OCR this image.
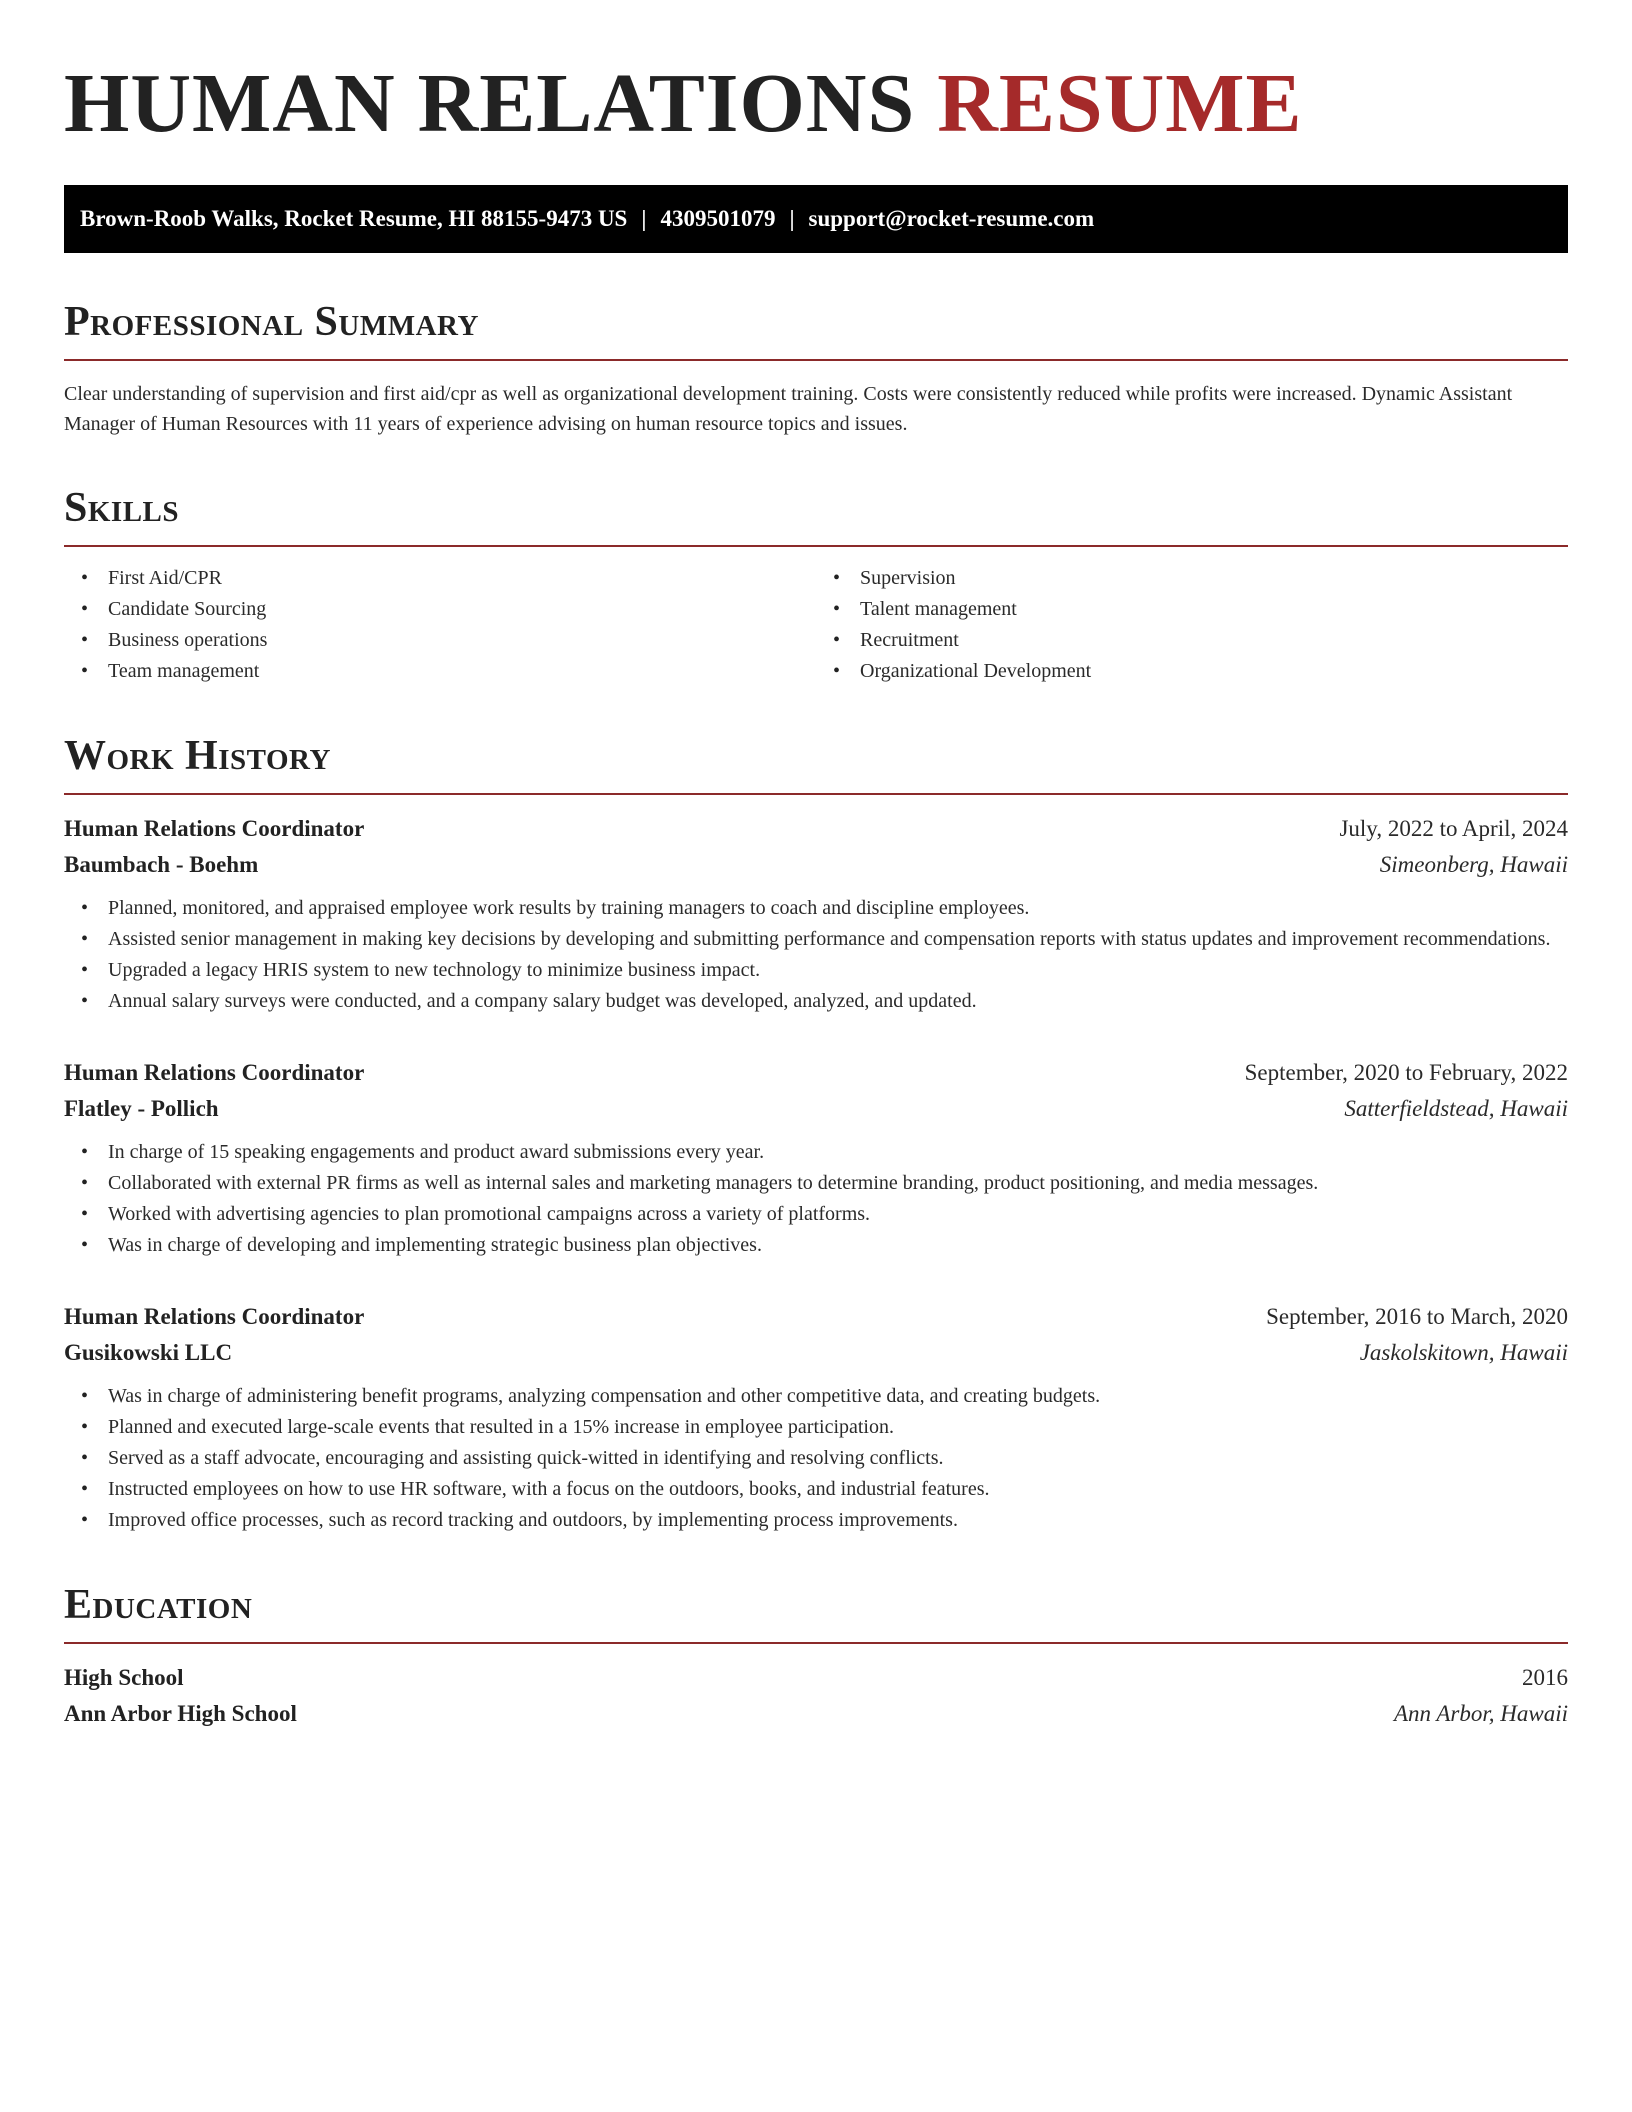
HUMAN RELATIONS RESUME
Brown-Roob Walks, Rocket Resume, HI 88155-9473 US | 4309501079 | support@rocket-resume.com
Professional Summary

Clear understanding of supervision and first aid/cpr as well as organizational development training. Costs were consistently reduced while profits were increased. Dynamic Assistant Manager of Human Resources with 11 years of experience advising on human resource topics and issues.

Skills
• First Aid/CPR
• Candidate Sourcing
• Business operations
• Team management
• Supervision
• Talent management
• Recruitment
• Organizational Development
Work History
Human Relations Coordinator	July, 2022 to April, 2024
Baumbach - Boehm	Simeonberg, Hawaii
• Planned, monitored, and appraised employee work results by training managers to coach and discipline employees.
• Assisted senior management in making key decisions by developing and submitting performance and compensation reports with status updates and improvement recommendations.
• Upgraded a legacy HRIS system to new technology to minimize business impact.
• Annual salary surveys were conducted, and a company salary budget was developed, analyzed, and updated.
Human Relations Coordinator	September, 2020 to February, 2022
Flatley - Pollich	Satterfieldstead, Hawaii
• In charge of 15 speaking engagements and product award submissions every year.
• Collaborated with external PR firms as well as internal sales and marketing managers to determine branding, product positioning, and media messages.
• Worked with advertising agencies to plan promotional campaigns across a variety of platforms.
• Was in charge of developing and implementing strategic business plan objectives.
Human Relations Coordinator	September, 2016 to March, 2020
Gusikowski LLC	Jaskolskitown, Hawaii
• Was in charge of administering benefit programs, analyzing compensation and other competitive data, and creating budgets.
• Planned and executed large-scale events that resulted in a 15% increase in employee participation.
• Served as a staff advocate, encouraging and assisting quick-witted in identifying and resolving conflicts.
• Instructed employees on how to use HR software, with a focus on the outdoors, books, and industrial features.
• Improved office processes, such as record tracking and outdoors, by implementing process improvements.
Education
High School	2016
Ann Arbor High School	Ann Arbor, Hawaii
